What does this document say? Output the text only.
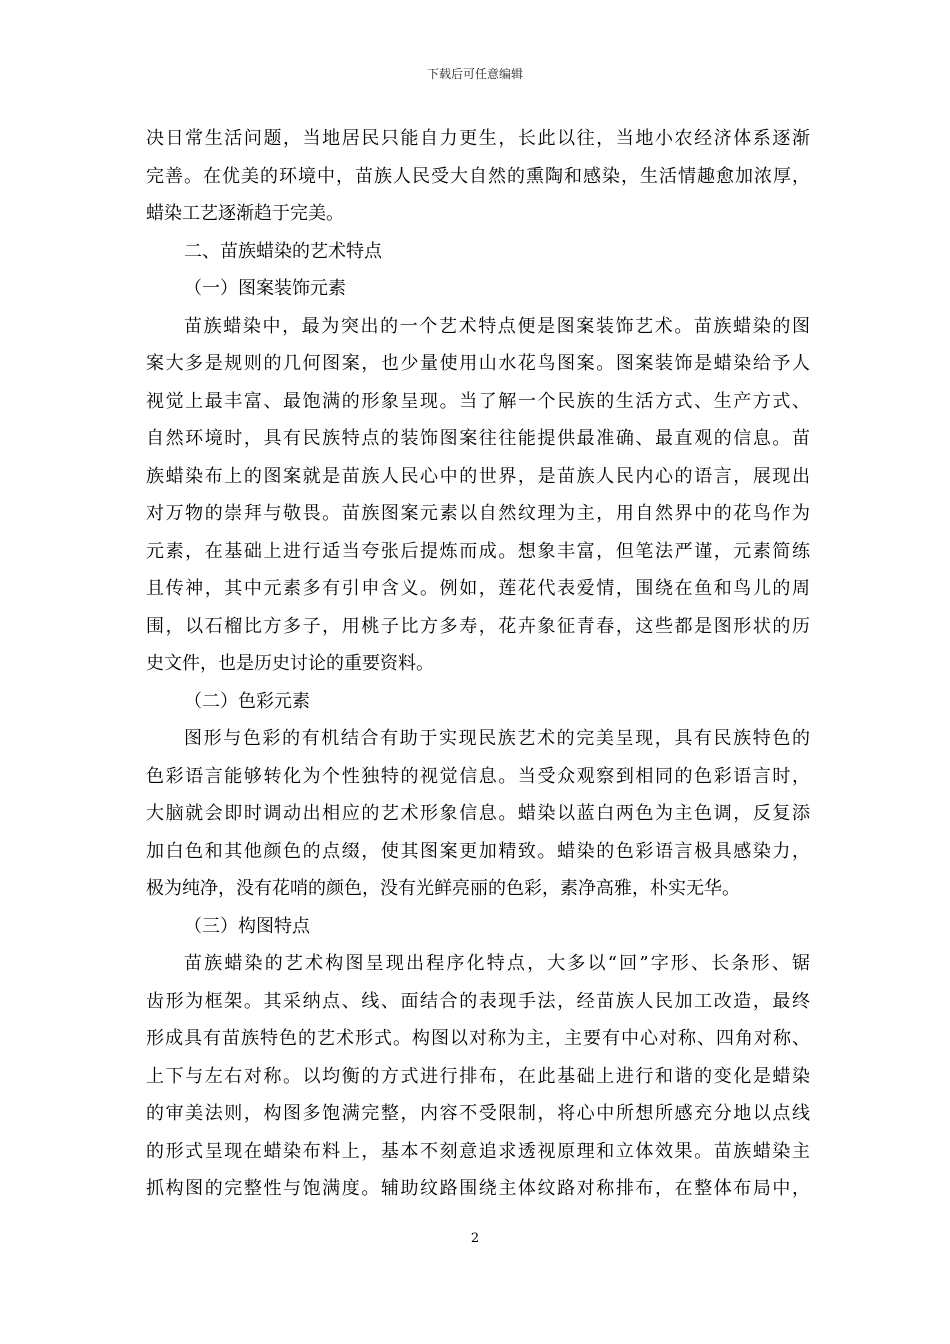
下载后可任意编辑
决日常生活问题，当地居民只能自力更生，长此以往，当地小农经济体系逐渐
完善。在优美的环境中，苗族人民受大自然的熏陶和感染，生活情趣愈加浓厚，
蜡染工艺逐渐趋于完美。
二、苗族蜡染的艺术特点
（一）图案装饰元素
苗族蜡染中，最为突出的一个艺术特点便是图案装饰艺术。苗族蜡染的图
案大多是规则的几何图案，也少量使用山水花鸟图案。图案装饰是蜡染给予人
视觉上最丰富、最饱满的形象呈现。当了解一个民族的生活方式、生产方式、
自然环境时，具有民族特点的装饰图案往往能提供最准确、最直观的信息。苗
族蜡染布上的图案就是苗族人民心中的世界，是苗族人民内心的语言，展现出
对万物的崇拜与敬畏。苗族图案元素以自然纹理为主，用自然界中的花鸟作为
元素，在基础上进行适当夸张后提炼而成。想象丰富，但笔法严谨，元素简练
且传神，其中元素多有引申含义。例如，莲花代表爱情，围绕在鱼和鸟儿的周
围，以石榴比方多子，用桃子比方多寿，花卉象征青春，这些都是图形状的历
史文件，也是历史讨论的重要资料。
（二）色彩元素
图形与色彩的有机结合有助于实现民族艺术的完美呈现，具有民族特色的
色彩语言能够转化为个性独特的视觉信息。当受众观察到相同的色彩语言时，
大脑就会即时调动出相应的艺术形象信息。蜡染以蓝白两色为主色调，反复添
加白色和其他颜色的点缀，使其图案更加精致。蜡染的色彩语言极具感染力，
极为纯净，没有花哨的颜色，没有光鲜亮丽的色彩，素净高雅，朴实无华。
（三）构图特点
苗族蜡染的艺术构图呈现出程序化特点，大多以“回”字形、长条形、锯
齿形为框架。其采纳点、线、面结合的表现手法，经苗族人民加工改造，最终
形成具有苗族特色的艺术形式。构图以对称为主，主要有中心对称、四角对称、
上下与左右对称。以均衡的方式进行排布，在此基础上进行和谐的变化是蜡染
的审美法则，构图多饱满完整，内容不受限制，将心中所想所感充分地以点线
的形式呈现在蜡染布料上，基本不刻意追求透视原理和立体效果。苗族蜡染主
抓构图的完整性与饱满度。辅助纹路围绕主体纹路对称排布，在整体布局中，
2
